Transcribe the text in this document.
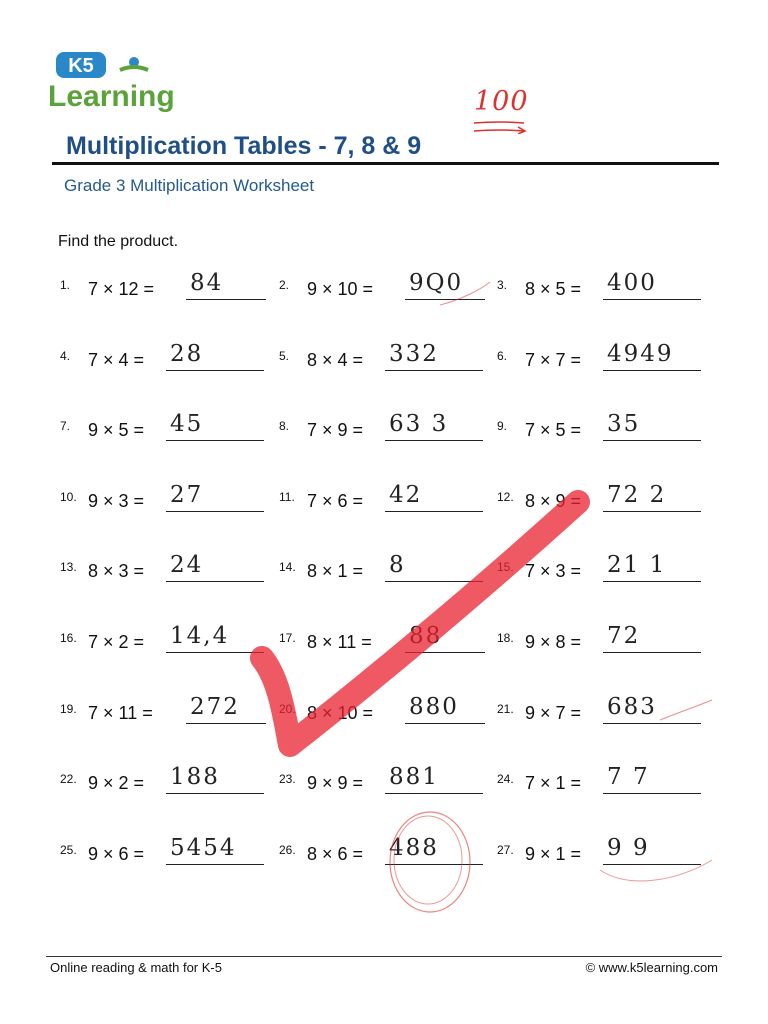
K5
Learning	100
Multiplication Tables - 7, 8 & 9
Grade 3 Multiplication Worksheet
Find the product.
1. 7 × 12 = 84	2. 9 × 10 = 9Q0	3. 8 × 5 = 400
4. 7 × 4 = 28	5. 8 × 4 = 332	6. 7 × 7 = 4949
7. 9 × 5 = 45	8. 7 × 9 = 63 3	9. 7 × 5 = 35
10. 9 × 3 = 27	11. 7 × 6 = 42	12. 8 × 9 = 72 2
13. 8 × 3 = 24	14. 8 × 1 = 8	15. 7 × 3 = 21 1
16. 7 × 2 = 14,4	17. 8 × 11 = 88	18. 9 × 8 = 72
19. 7 × 11 = 272	20. 8 × 10 = 880	21. 9 × 7 = 683
22. 9 × 2 = 188	23. 9 × 9 = 881	24. 7 × 1 = 7 7
25. 9 × 6 = 5454	26. 8 × 6 = 488	27. 9 × 1 = 9 9
Online reading & math for K-5	© www.k5learning.com
